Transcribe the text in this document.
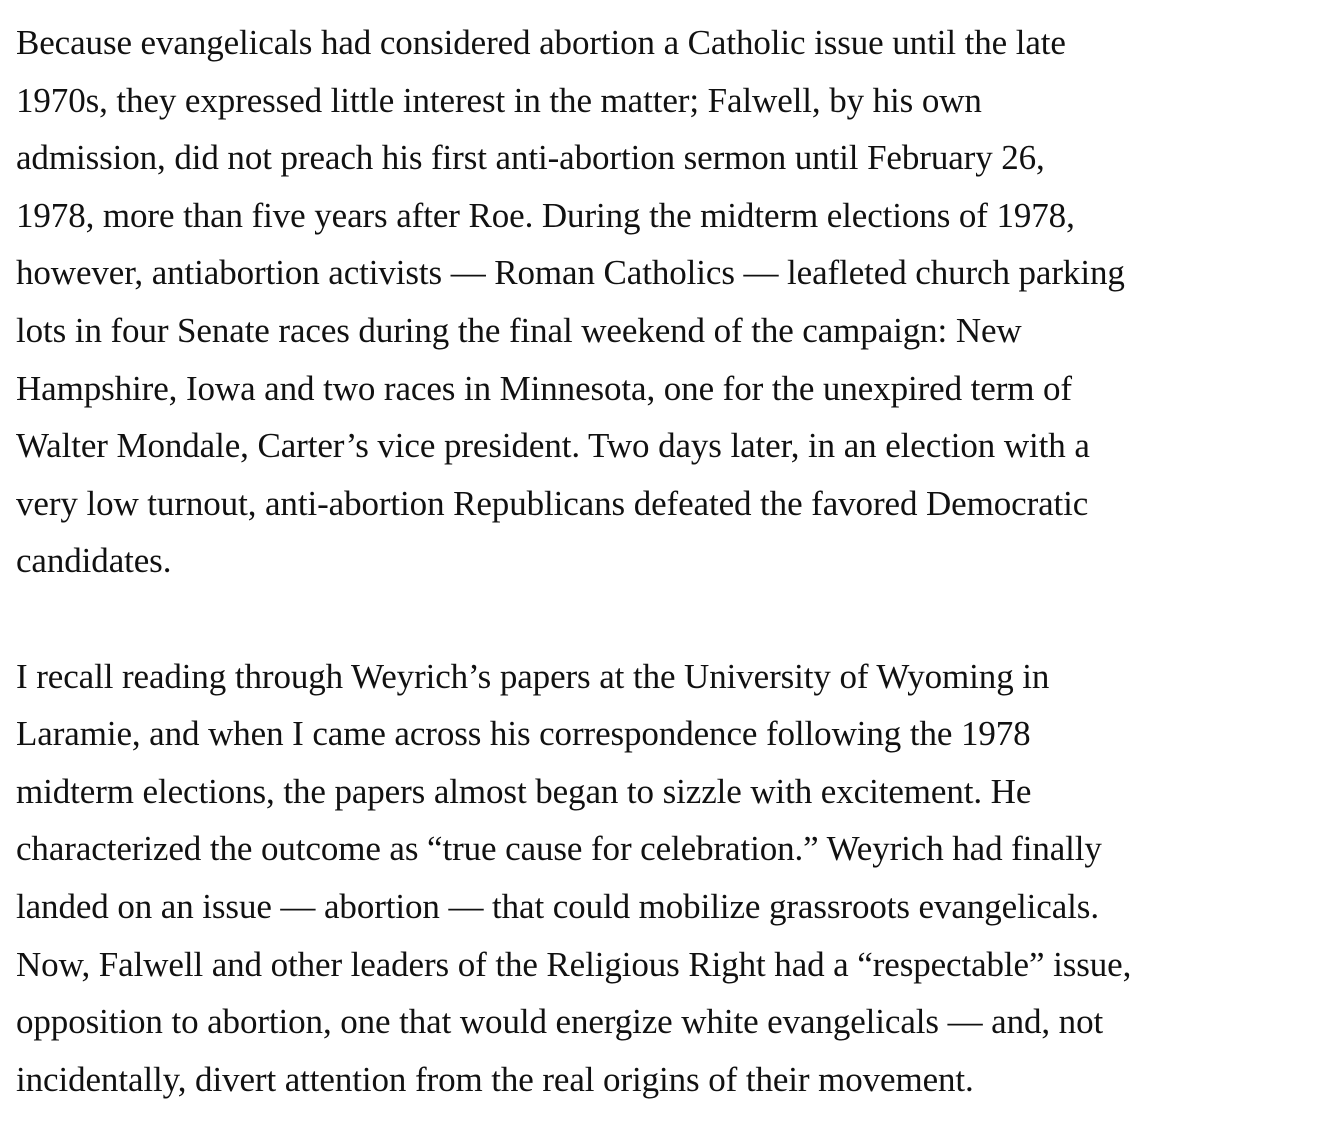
Because evangelicals had considered abortion a Catholic issue until the late
1970s, they expressed little interest in the matter; Falwell, by his own
admission, did not preach his first anti-abortion sermon until February 26,
1978, more than five years after Roe. During the midterm elections of 1978,
however, antiabortion activists — Roman Catholics — leafleted church parking
lots in four Senate races during the final weekend of the campaign: New
Hampshire, Iowa and two races in Minnesota, one for the unexpired term of
Walter Mondale, Carter’s vice president. Two days later, in an election with a
very low turnout, anti-abortion Republicans defeated the favored Democratic
candidates.

I recall reading through Weyrich’s papers at the University of Wyoming in
Laramie, and when I came across his correspondence following the 1978
midterm elections, the papers almost began to sizzle with excitement. He
characterized the outcome as “true cause for celebration.” Weyrich had finally
landed on an issue — abortion — that could mobilize grassroots evangelicals.
Now, Falwell and other leaders of the Religious Right had a “respectable” issue,
opposition to abortion, one that would energize white evangelicals — and, not
incidentally, divert attention from the real origins of their movement.
